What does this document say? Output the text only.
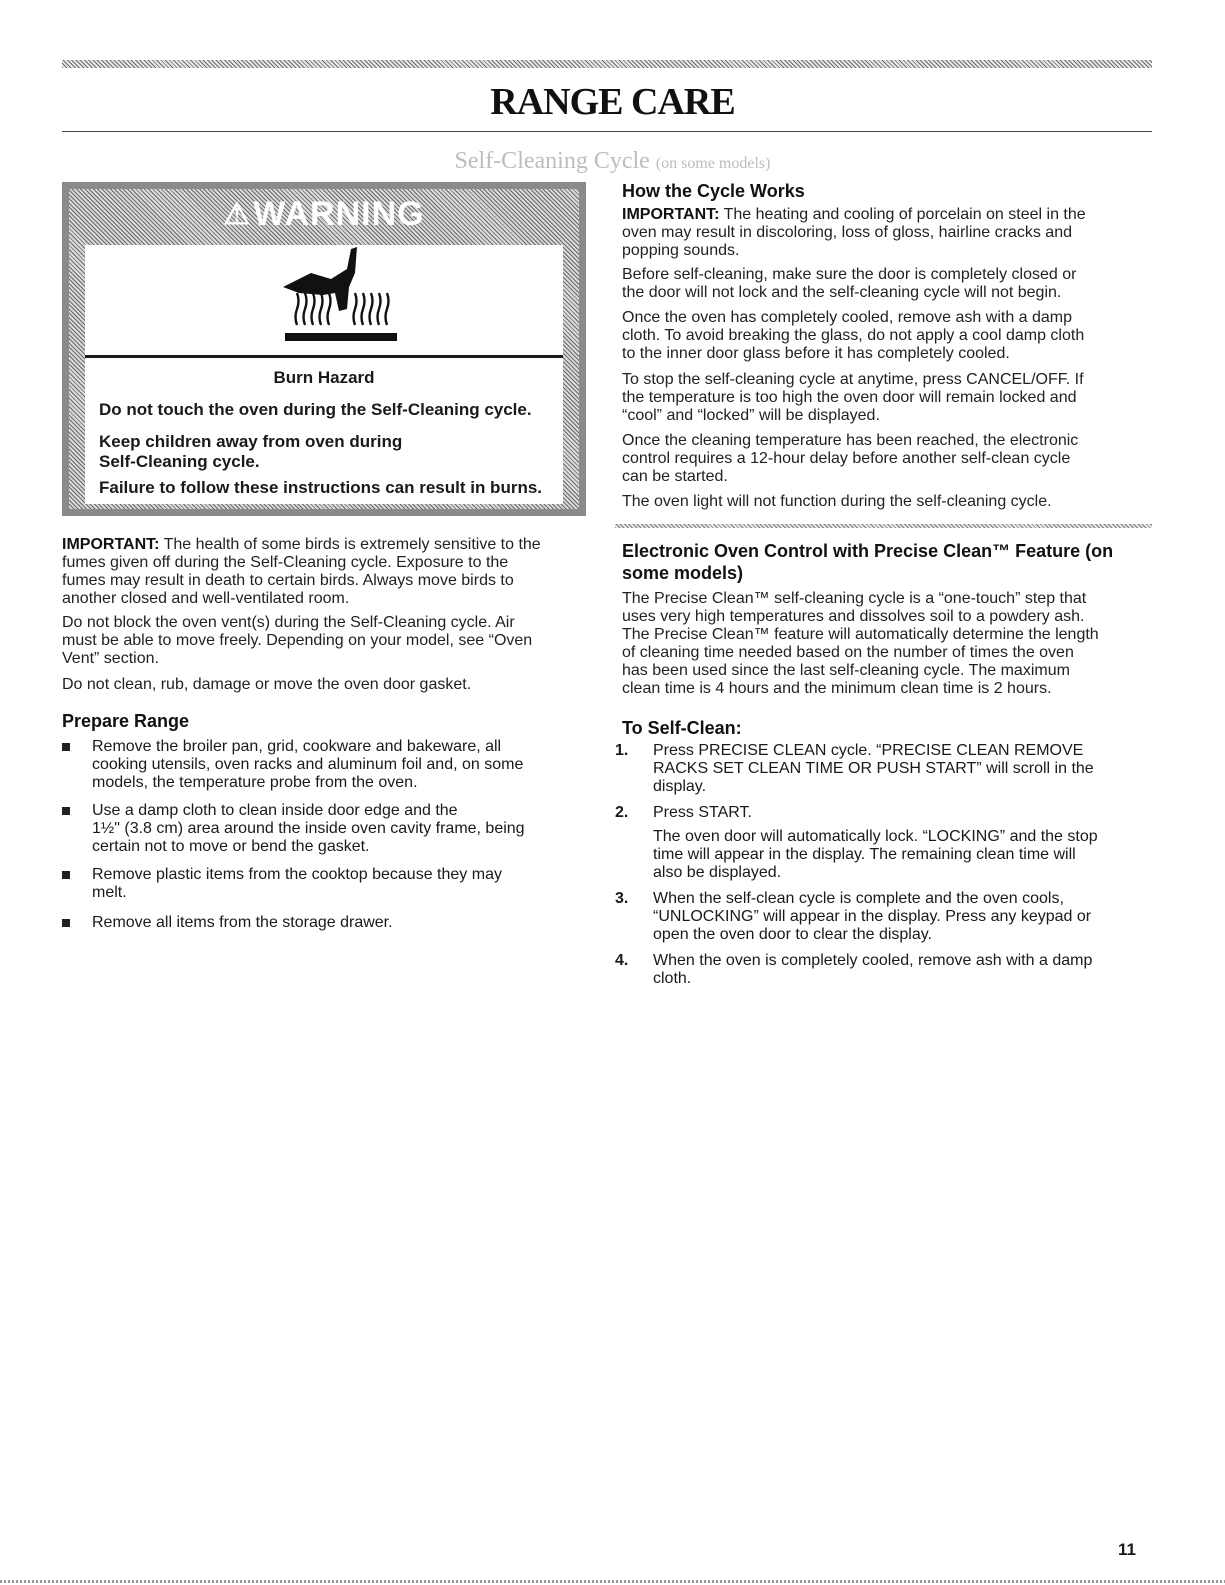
RANGE CARE
Self-Cleaning Cycle (on some models)
⚠ WARNING
Burn Hazard
Do not touch the oven during the Self-Cleaning cycle.
Keep children away from oven during
Self-Cleaning cycle.
Failure to follow these instructions can result in burns.
IMPORTANT: The health of some birds is extremely sensitive to the
fumes given off during the Self-Cleaning cycle. Exposure to the
fumes may result in death to certain birds. Always move birds to
another closed and well-ventilated room.
Do not block the oven vent(s) during the Self-Cleaning cycle. Air
must be able to move freely. Depending on your model, see “Oven
Vent” section.
Do not clean, rub, damage or move the oven door gasket.
Prepare Range
Remove the broiler pan, grid, cookware and bakeware, all
cooking utensils, oven racks and aluminum foil and, on some
models, the temperature probe from the oven.
Use a damp cloth to clean inside door edge and the
1½" (3.8 cm) area around the inside oven cavity frame, being
certain not to move or bend the gasket.
Remove plastic items from the cooktop because they may
melt.
Remove all items from the storage drawer.
How the Cycle Works
IMPORTANT: The heating and cooling of porcelain on steel in the
oven may result in discoloring, loss of gloss, hairline cracks and
popping sounds.
Before self-cleaning, make sure the door is completely closed or
the door will not lock and the self-cleaning cycle will not begin.
Once the oven has completely cooled, remove ash with a damp
cloth. To avoid breaking the glass, do not apply a cool damp cloth
to the inner door glass before it has completely cooled.
To stop the self-cleaning cycle at anytime, press CANCEL/OFF. If
the temperature is too high the oven door will remain locked and
“cool” and “locked” will be displayed.
Once the cleaning temperature has been reached, the electronic
control requires a 12-hour delay before another self-clean cycle
can be started.
The oven light will not function during the self-cleaning cycle.
Electronic Oven Control with Precise Clean™ Feature (on
some models)
The Precise Clean™ self-cleaning cycle is a “one-touch” step that
uses very high temperatures and dissolves soil to a powdery ash.
The Precise Clean™ feature will automatically determine the length
of cleaning time needed based on the number of times the oven
has been used since the last self-cleaning cycle. The maximum
clean time is 4 hours and the minimum clean time is 2 hours.
To Self-Clean:
1. Press PRECISE CLEAN cycle. “PRECISE CLEAN REMOVE
RACKS SET CLEAN TIME OR PUSH START” will scroll in the
display.
2. Press START.
The oven door will automatically lock. “LOCKING” and the stop
time will appear in the display. The remaining clean time will
also be displayed.
3. When the self-clean cycle is complete and the oven cools,
“UNLOCKING” will appear in the display. Press any keypad or
open the oven door to clear the display.
4. When the oven is completely cooled, remove ash with a damp
cloth.
11
